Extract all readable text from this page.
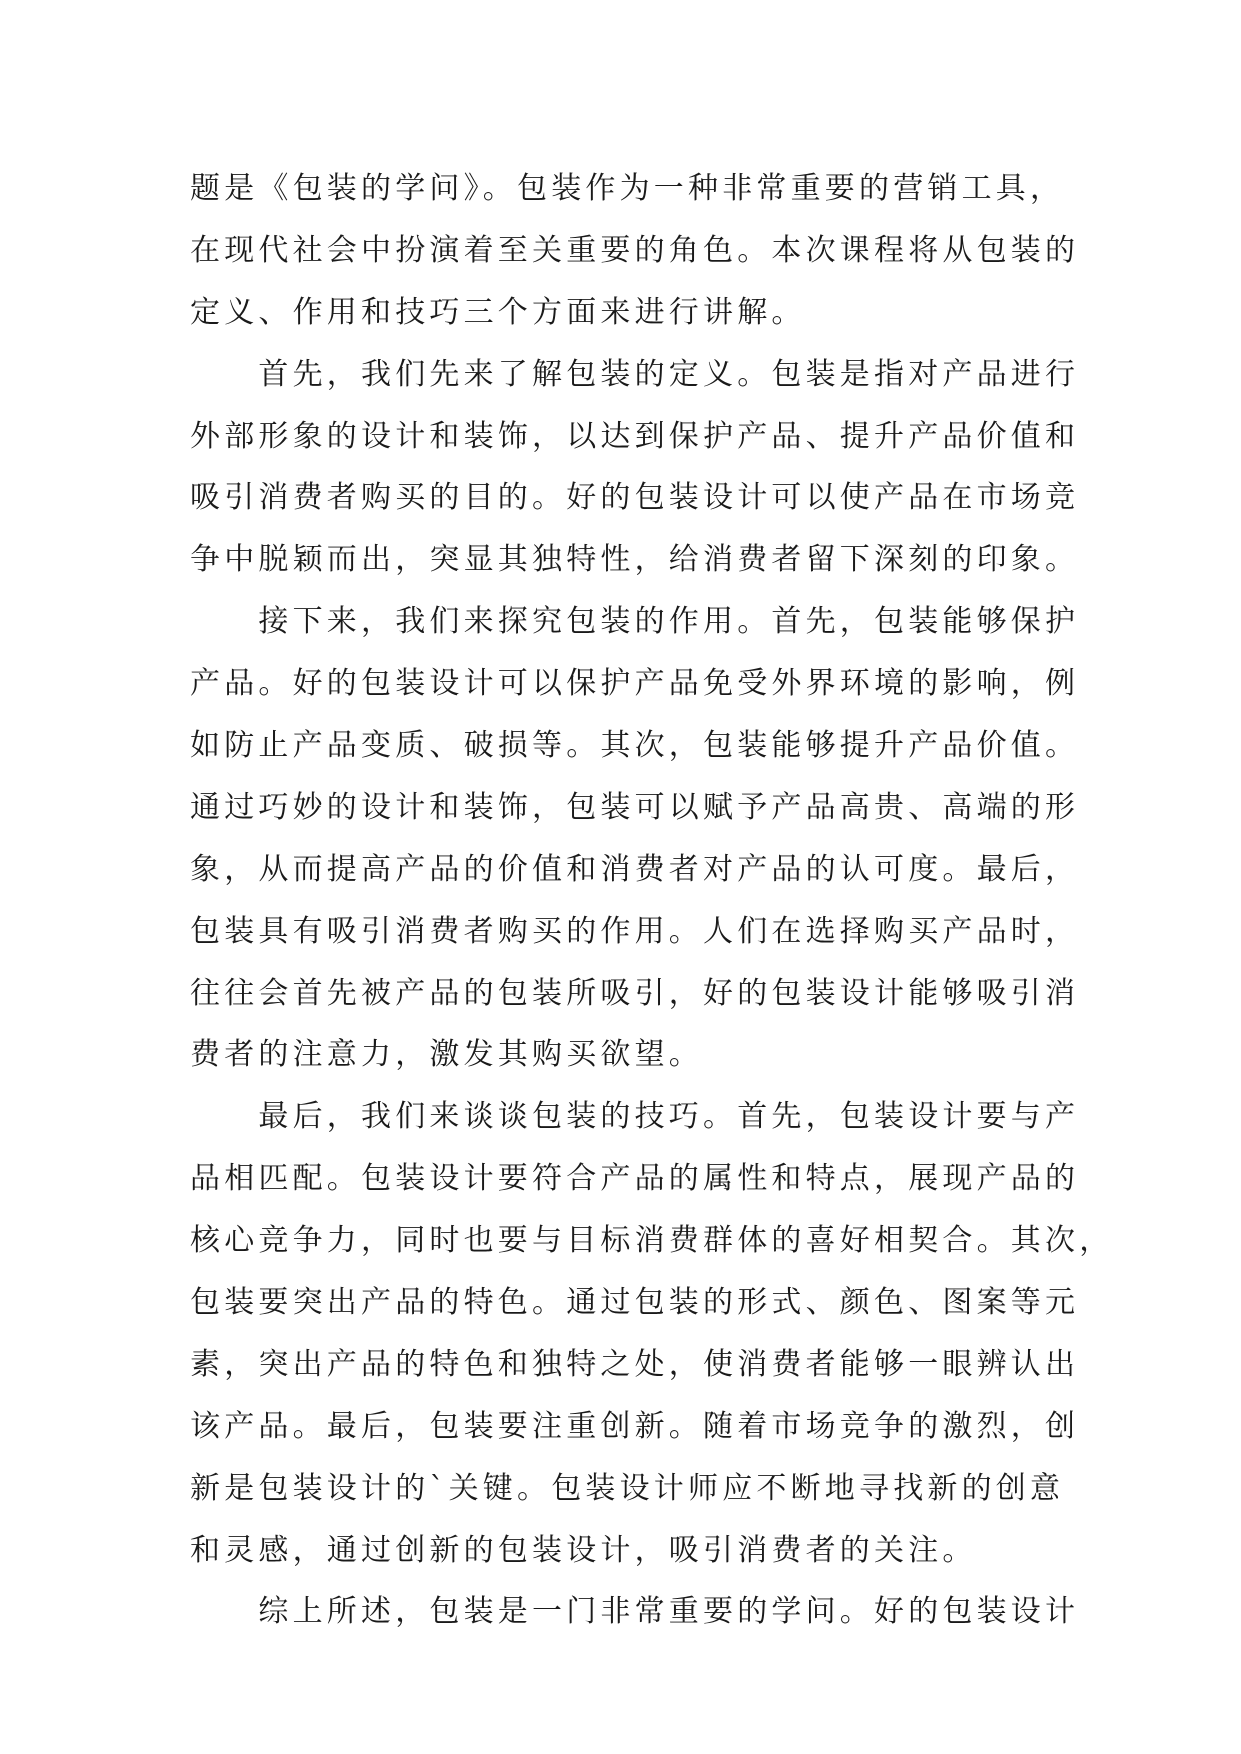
题是《包装的学问》。包装作为一种非常重要的营销工具，
在现代社会中扮演着至关重要的角色。本次课程将从包装的
定义、作用和技巧三个方面来进行讲解。
　　首先，我们先来了解包装的定义。包装是指对产品进行
外部形象的设计和装饰，以达到保护产品、提升产品价值和
吸引消费者购买的目的。好的包装设计可以使产品在市场竞
争中脱颖而出，突显其独特性，给消费者留下深刻的印象。
　　接下来，我们来探究包装的作用。首先，包装能够保护
产品。好的包装设计可以保护产品免受外界环境的影响，例
如防止产品变质、破损等。其次，包装能够提升产品价值。
通过巧妙的设计和装饰，包装可以赋予产品高贵、高端的形
象，从而提高产品的价值和消费者对产品的认可度。最后，
包装具有吸引消费者购买的作用。人们在选择购买产品时，
往往会首先被产品的包装所吸引，好的包装设计能够吸引消
费者的注意力，激发其购买欲望。
　　最后，我们来谈谈包装的技巧。首先，包装设计要与产
品相匹配。包装设计要符合产品的属性和特点，展现产品的
核心竞争力，同时也要与目标消费群体的喜好相契合。其次，
包装要突出产品的特色。通过包装的形式、颜色、图案等元
素，突出产品的特色和独特之处，使消费者能够一眼辨认出
该产品。最后，包装要注重创新。随着市场竞争的激烈，创
新是包装设计的`关键。包装设计师应不断地寻找新的创意
和灵感，通过创新的包装设计，吸引消费者的关注。
　　综上所述，包装是一门非常重要的学问。好的包装设计
